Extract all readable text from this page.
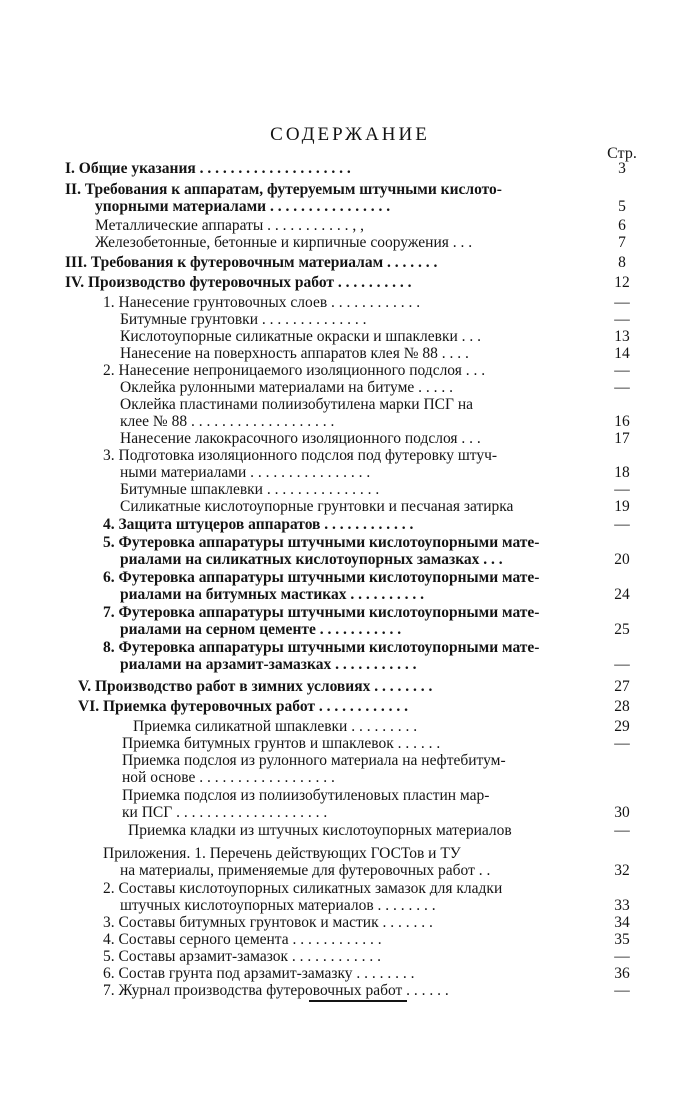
СОДЕРЖАНИЕ
Стр.
I. Общие указания . . . . . . . . . . . . . . . . . . . .	3
II. Требования к аппаратам, футеруемым штучными кислото-
упорными материалами . . . . . . . . . . . . . . . .	5
Металлические аппараты . . . . . . . . . . . , ,	6
Железобетонные, бетонные и кирпичные сооружения . . .	7
III. Требования к футеровочным материалам . . . . . . .	8
IV. Производство футеровочных работ . . . . . . . . . .	12
1. Нанесение грунтовочных слоев . . . . . . . . . . . .	—
Битумные грунтовки . . . . . . . . . . . . . .	—
Кислотоупорные силикатные окраски и шпаклевки . . .	13
Нанесение на поверхность аппаратов клея № 88 . . . .	14
2. Нанесение непроницаемого изоляционного подслоя . . .	—
Оклейка рулонными материалами на битуме . . . . .	—
Оклейка пластинами полиизобутилена марки ПСГ на
клее № 88 . . . . . . . . . . . . . . . . . . .	16
Нанесение лакокрасочного изоляционного подслоя . . .	17
3. Подготовка изоляционного подслоя под футеровку штуч-
ными материалами . . . . . . . . . . . . . . . .	18
Битумные шпаклевки . . . . . . . . . . . . . . .	—
Силикатные кислотоупорные грунтовки и песчаная затирка	19
4. Защита штуцеров аппаратов . . . . . . . . . . . .	—
5. Футеровка аппаратуры штучными кислотоупорными мате-
риалами на силикатных кислотоупорных замазках . . .	20
6. Футеровка аппаратуры штучными кислотоупорными мате-
риалами на битумных мастиках . . . . . . . . . .	24
7. Футеровка аппаратуры штучными кислотоупорными мате-
риалами на серном цементе . . . . . . . . . . .	25
8. Футеровка аппаратуры штучными кислотоупорными мате-
риалами на арзамит-замазках . . . . . . . . . . .	—
V. Производство работ в зимних условиях . . . . . . . .	27
VI. Приемка футеровочных работ . . . . . . . . . . . .	28
Приемка силикатной шпаклевки . . . . . . . . .	29
Приемка битумных грунтов и шпаклевок . . . . . .	—
Приемка подслоя из рулонного материала на нефтебитум-
ной основе . . . . . . . . . . . . . . . . . .
Приемка подслоя из полиизобутиленовых пластин мар-
ки ПСГ . . . . . . . . . . . . . . . . . . . .	30
Приемка кладки из штучных кислотоупорных материалов	—
Приложения. 1. Перечень действующих ГОСТов и ТУ
на материалы, применяемые для футеровочных работ . .	32
2. Составы кислотоупорных силикатных замазок для кладки
штучных кислотоупорных материалов . . . . . . . .	33
3. Составы битумных грунтовок и мастик . . . . . . .	34
4. Составы серного цемента . . . . . . . . . . . .	35
5. Составы арзамит-замазок . . . . . . . . . . . .	—
6. Состав грунта под арзамит-замазку . . . . . . . .	36
7. Журнал производства футеровочных работ . . . . . .	—
